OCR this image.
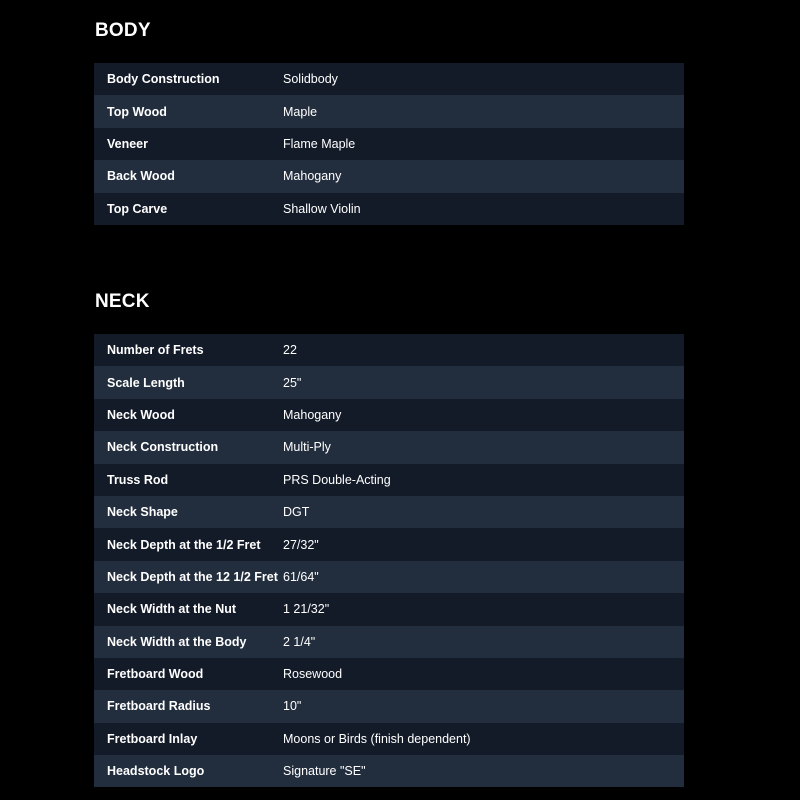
BODY
Body Construction	Solidbody
Top Wood	Maple
Veneer	Flame Maple
Back Wood	Mahogany
Top Carve	Shallow Violin
NECK
Number of Frets	22
Scale Length	25"
Neck Wood	Mahogany
Neck Construction	Multi-Ply
Truss Rod	PRS Double-Acting
Neck Shape	DGT
Neck Depth at the 1/2 Fret	27/32"
Neck Depth at the 12 1/2 Fret 61/64"
Neck Width at the Nut	1 21/32"
Neck Width at the Body	2 1/4"
Fretboard Wood	Rosewood
Fretboard Radius	10"
Fretboard Inlay	Moons or Birds (finish dependent)
Headstock Logo	Signature "SE"
